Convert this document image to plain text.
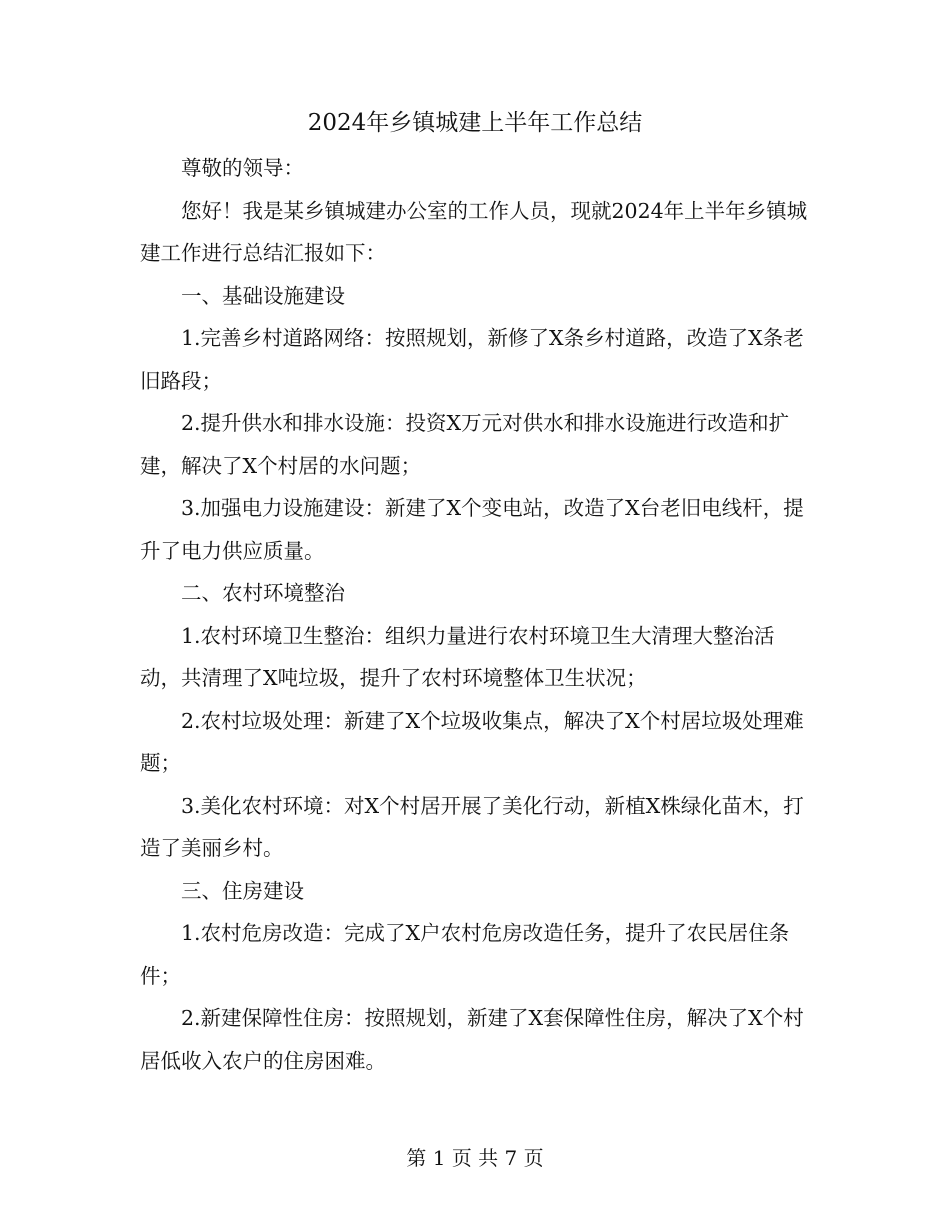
2024年乡镇城建上半年工作总结

尊敬的领导：

您好！我是某乡镇城建办公室的工作人员，现就2024年上半年乡镇城建工作进行总结汇报如下：

一、基础设施建设

1.完善乡村道路网络：按照规划，新修了X条乡村道路，改造了X条老旧路段；

2.提升供水和排水设施：投资X万元对供水和排水设施进行改造和扩建，解决了X个村居的水问题；

3.加强电力设施建设：新建了X个变电站，改造了X台老旧电线杆，提升了电力供应质量。

二、农村环境整治

1.农村环境卫生整治：组织力量进行农村环境卫生大清理大整治活动，共清理了X吨垃圾，提升了农村环境整体卫生状况；

2.农村垃圾处理：新建了X个垃圾收集点，解决了X个村居垃圾处理难题；

3.美化农村环境：对X个村居开展了美化行动，新植X株绿化苗木，打造了美丽乡村。

三、住房建设

1.农村危房改造：完成了X户农村危房改造任务，提升了农民居住条件；

2.新建保障性住房：按照规划，新建了X套保障性住房，解决了X个村居低收入农户的住房困难。

第 1 页 共 7 页
